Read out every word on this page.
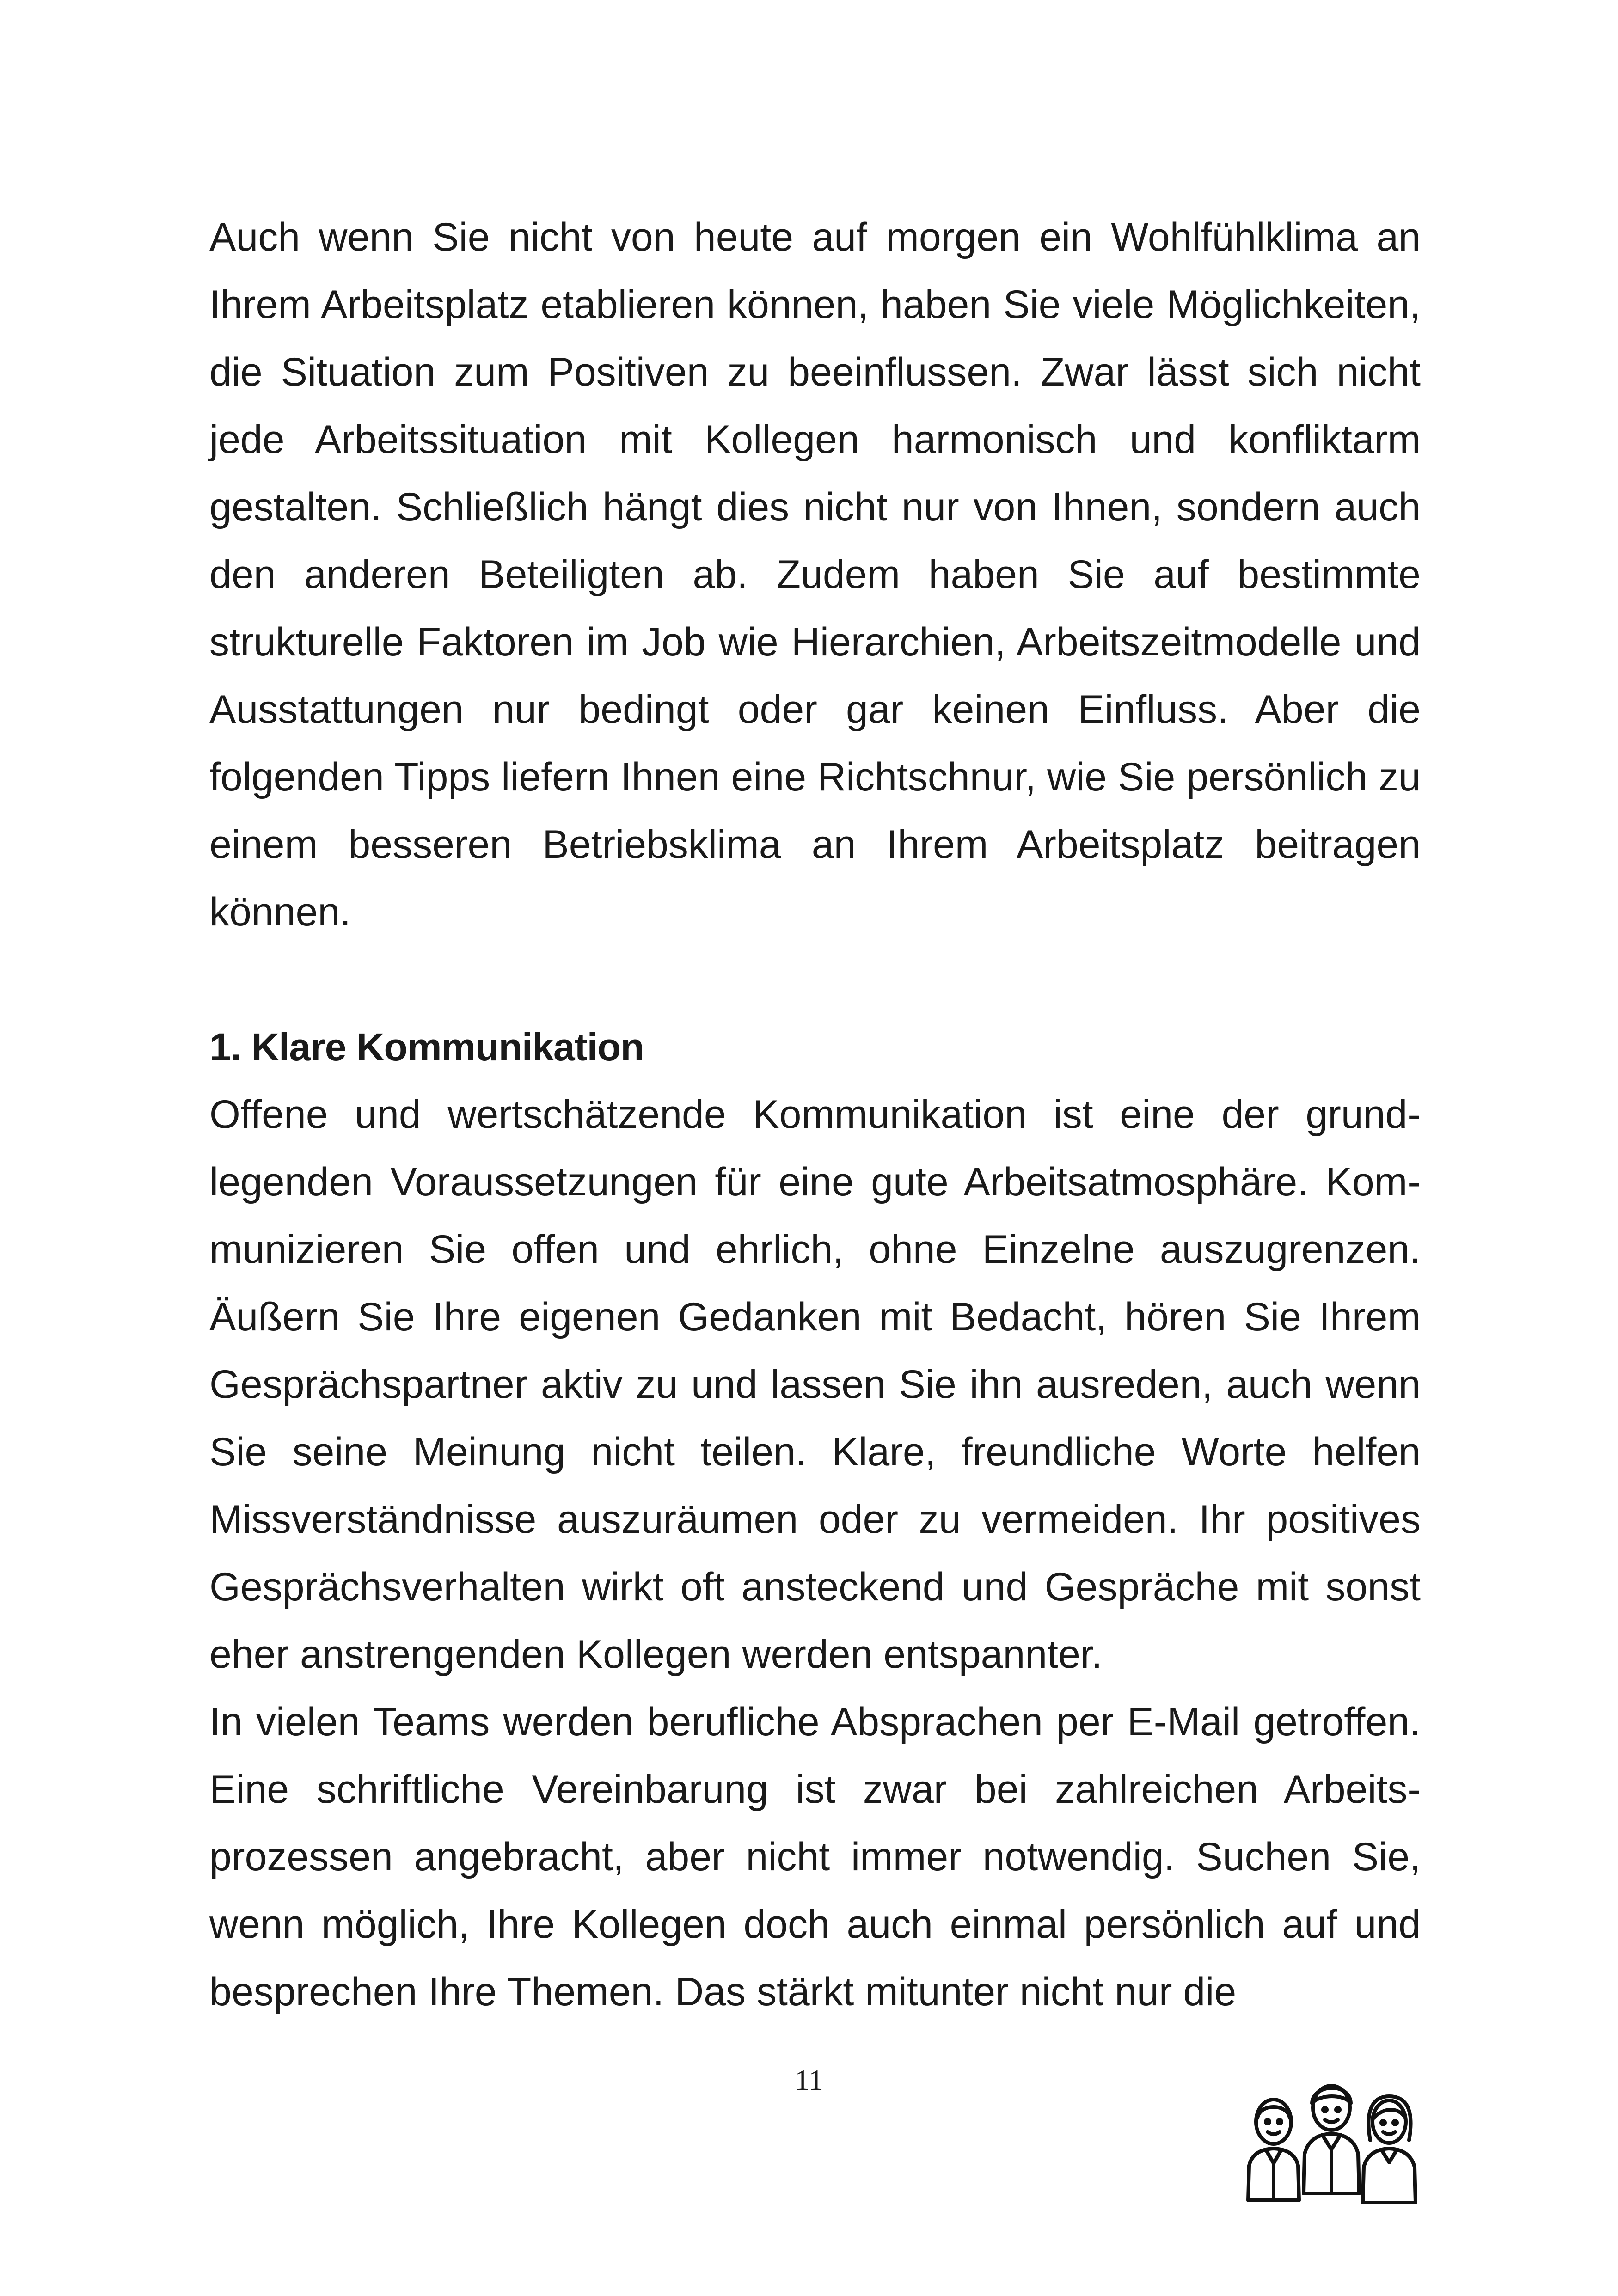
Auch wenn Sie nicht von heute auf morgen ein Wohlfühlklima an Ihrem Arbeitsplatz etablieren können, haben Sie viele Möglichkeiten, die Situation zum Positiven zu beeinflussen. Zwar lässt sich nicht jede Arbeitssituation mit Kollegen harmonisch und konfliktarm gestalten. Schließlich hängt dies nicht nur von Ihnen, sondern auch den anderen Beteiligten ab. Zudem haben Sie auf bestimmte strukturelle Faktoren im Job wie Hierarchien, Arbeitszeitmodelle und Ausstattungen nur bedingt oder gar keinen Einfluss. Aber die folgenden Tipps liefern Ihnen eine Richtschnur, wie Sie persönlich zu einem besseren Betriebsklima an Ihrem Arbeitsplatz beitragen können.

1. Klare Kommunikation

Offene und wertschätzende Kommunikation ist eine der grundlegenden Voraussetzungen für eine gute Arbeitsatmosphäre. Kommunizieren Sie offen und ehrlich, ohne Einzelne auszugrenzen. Äußern Sie Ihre eigenen Gedanken mit Bedacht, hören Sie Ihrem Gesprächspartner aktiv zu und lassen Sie ihn ausreden, auch wenn Sie seine Meinung nicht teilen. Klare, freundliche Worte helfen Missverständnisse auszuräumen oder zu vermeiden. Ihr positives Gesprächsverhalten wirkt oft ansteckend und Gespräche mit sonst eher anstrengenden Kollegen werden entspannter.

In vielen Teams werden berufliche Absprachen per E-Mail getroffen. Eine schriftliche Vereinbarung ist zwar bei zahlreichen Arbeitsprozessen angebracht, aber nicht immer notwendig. Suchen Sie, wenn möglich, Ihre Kollegen doch auch einmal persönlich auf und besprechen Ihre Themen. Das stärkt mitunter nicht nur die

11
